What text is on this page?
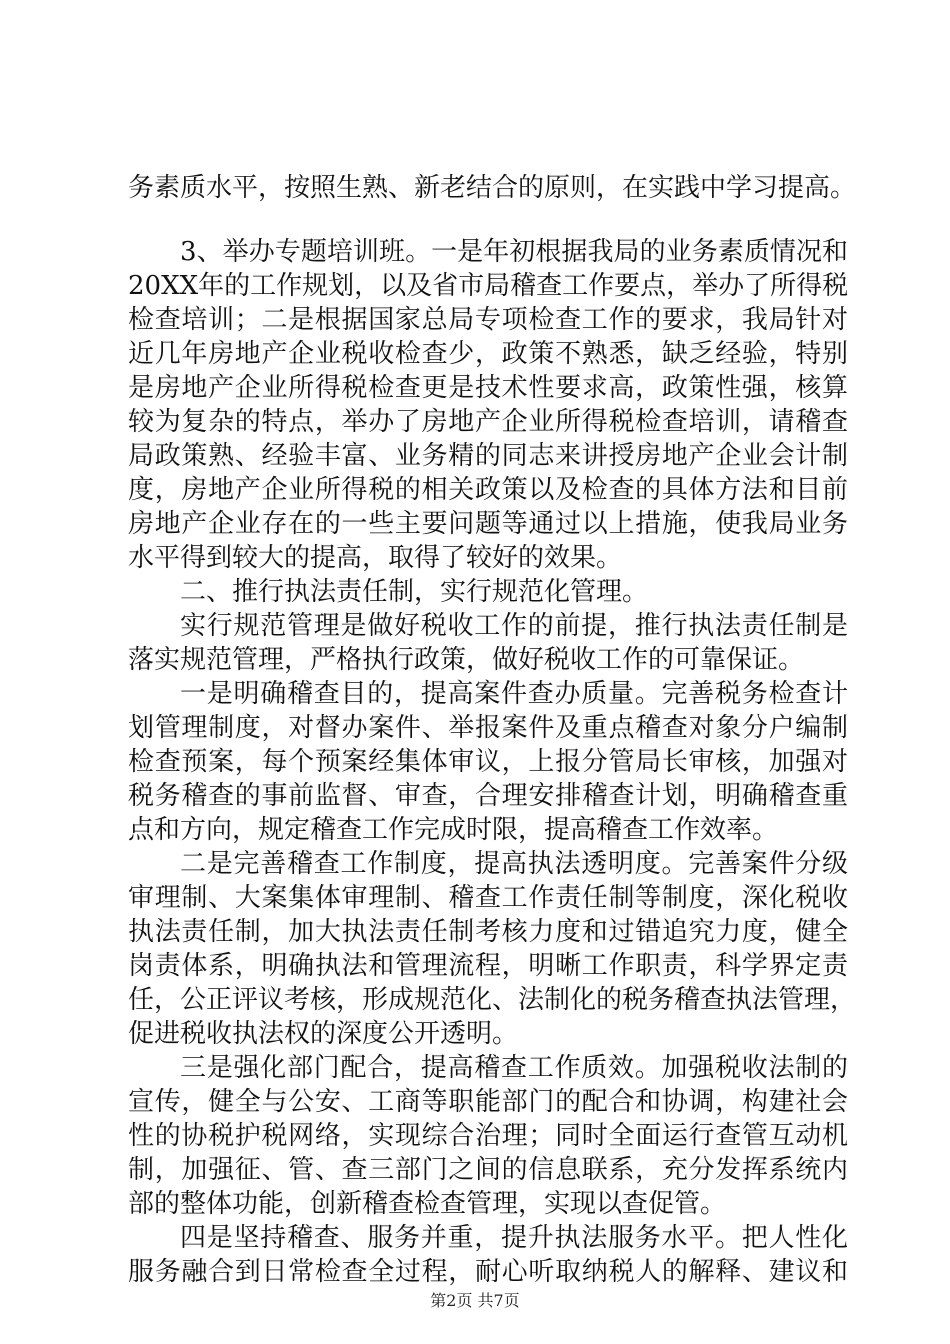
务素质水平，按照生熟、新老结合的原则，在实践中学习提高。
3、举办专题培训班。一是年初根据我局的业务素质情况和
20XX年的工作规划，以及省市局稽查工作要点，举办了所得税
检查培训；二是根据国家总局专项检查工作的要求，我局针对
近几年房地产企业税收检查少，政策不熟悉，缺乏经验，特别
是房地产企业所得税检查更是技术性要求高，政策性强，核算
较为复杂的特点，举办了房地产企业所得税检查培训，请稽查
局政策熟、经验丰富、业务精的同志来讲授房地产企业会计制
度，房地产企业所得税的相关政策以及检查的具体方法和目前
房地产企业存在的一些主要问题等通过以上措施，使我局业务
水平得到较大的提高，取得了较好的效果。
二、推行执法责任制，实行规范化管理。
实行规范管理是做好税收工作的前提，推行执法责任制是
落实规范管理，严格执行政策，做好税收工作的可靠保证。
一是明确稽查目的，提高案件查办质量。完善税务检查计
划管理制度，对督办案件、举报案件及重点稽查对象分户编制
检查预案，每个预案经集体审议，上报分管局长审核，加强对
税务稽查的事前监督、审查，合理安排稽查计划，明确稽查重
点和方向，规定稽查工作完成时限，提高稽查工作效率。
二是完善稽查工作制度，提高执法透明度。完善案件分级
审理制、大案集体审理制、稽查工作责任制等制度，深化税收
执法责任制，加大执法责任制考核力度和过错追究力度，健全
岗责体系，明确执法和管理流程，明晰工作职责，科学界定责
任，公正评议考核，形成规范化、法制化的税务稽查执法管理，
促进税收执法权的深度公开透明。
三是强化部门配合，提高稽查工作质效。加强税收法制的
宣传，健全与公安、工商等职能部门的配合和协调，构建社会
性的协税护税网络，实现综合治理；同时全面运行查管互动机
制，加强征、管、查三部门之间的信息联系，充分发挥系统内
部的整体功能，创新稽查检查管理，实现以查促管。
四是坚持稽查、服务并重，提升执法服务水平。把人性化
服务融合到日常检查全过程，耐心听取纳税人的解释、建议和
第2页 共7页
